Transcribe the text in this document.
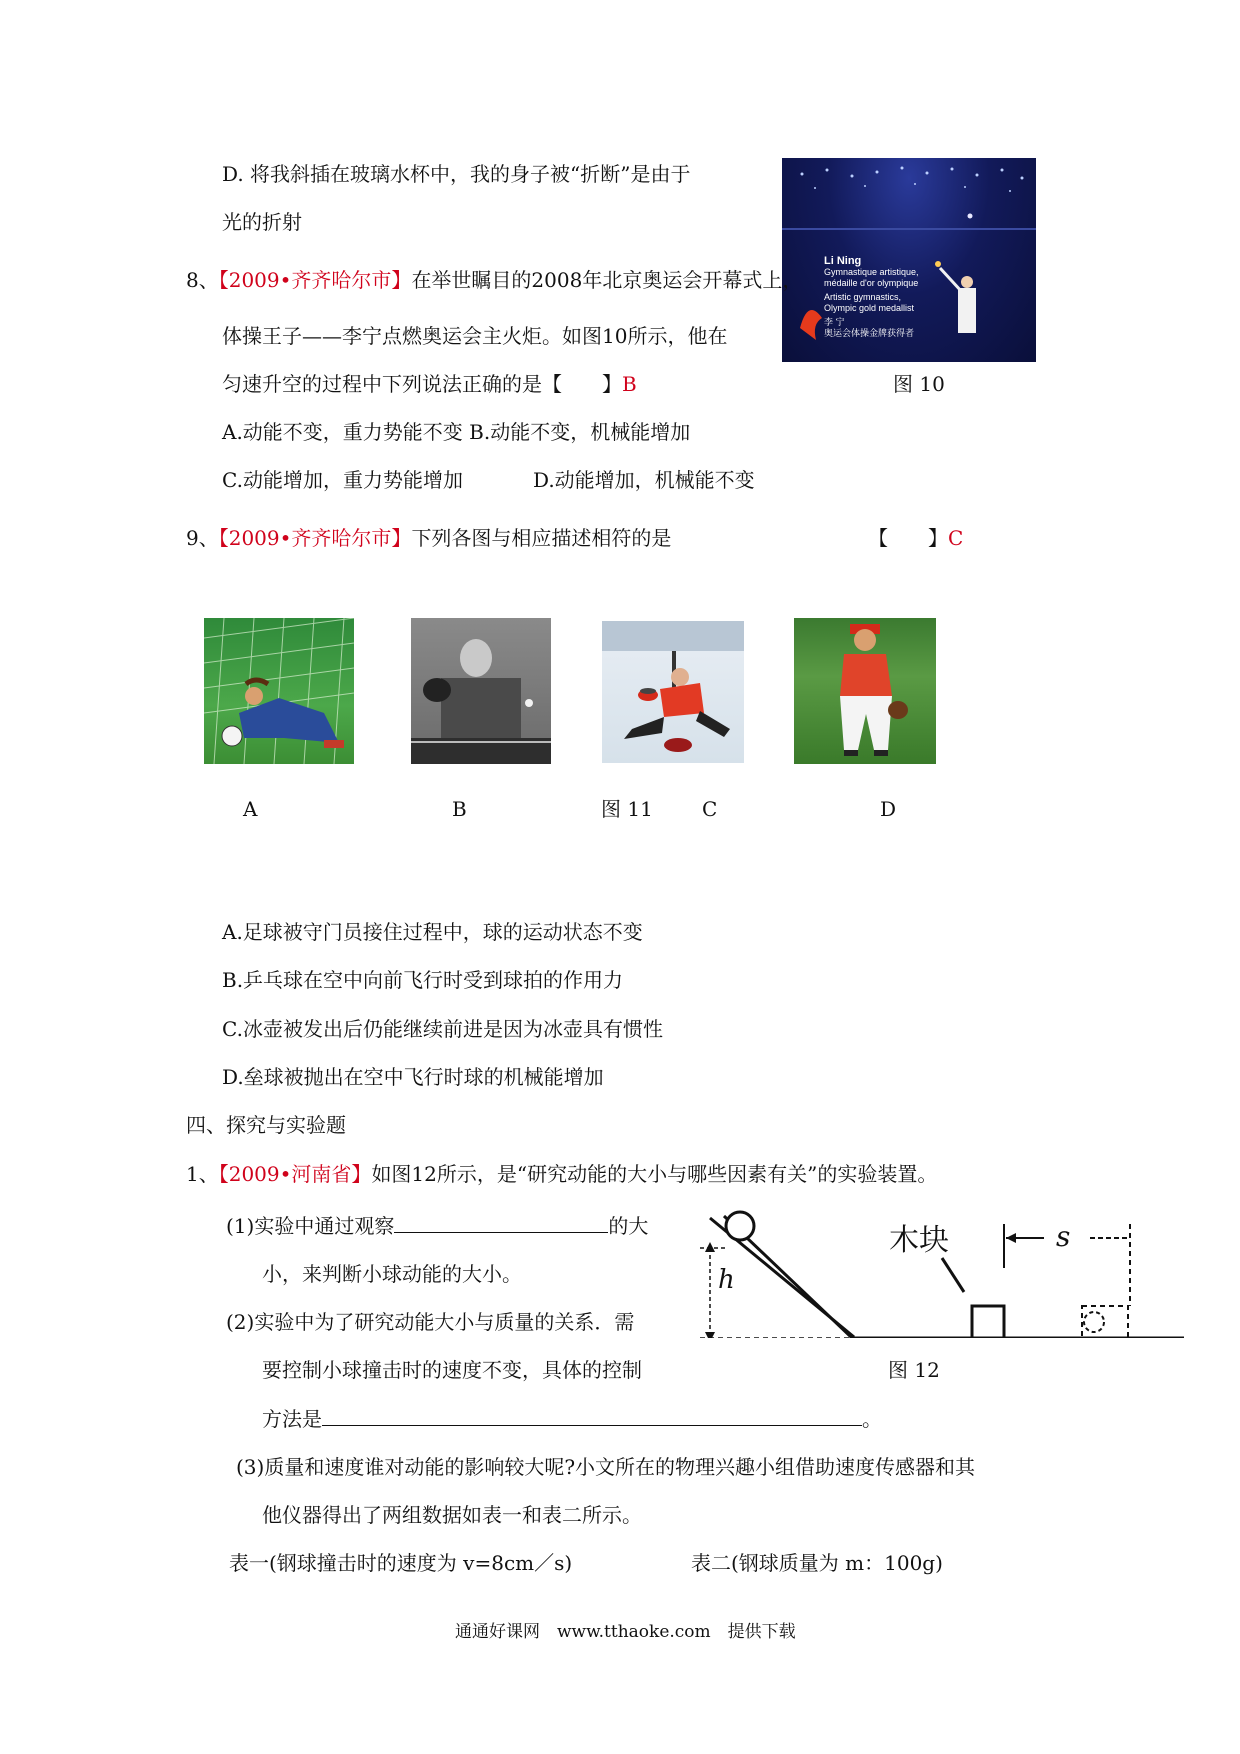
D. 将我斜插在玻璃水杯中，我的身子被“折断”是由于
光的折射
Li Ning
Gymnastique artistique,
médaille d'or olympique
Artistic gymnastics,
Olympic gold medallist
李 宁
奥运会体操金牌获得者
图 10
8、【2009•齐齐哈尔市】在举世瞩目的2008年北京奥运会开幕式上，
体操王子——李宁点燃奥运会主火炬。如图10所示，他在
匀速升空的过程中下列说法正确的是【　　】B
A.动能不变，重力势能不变 B.动能不变，机械能增加
C.动能增加，重力势能增加	D.动能增加，机械能不变
9、【2009•齐齐哈尔市】下列各图与相应描述相符的是	【　　】C
A	B	图 11 C	D
A.足球被守门员接住过程中，球的运动状态不变
B.乒乓球在空中向前飞行时受到球拍的作用力
C.冰壶被发出后仍能继续前进是因为冰壶具有惯性
D.垒球被抛出在空中飞行时球的机械能增加
四、探究与实验题
1、【2009•河南省】如图12所示，是“研究动能的大小与哪些因素有关”的实验装置。
(1)实验中通过观察	的大
小，来判断小球动能的大小。
(2)实验中为了研究动能大小与质量的关系．需
要控制小球撞击时的速度不变，具体的控制
方法是	。
(3)质量和速度谁对动能的影响较大呢?小文所在的物理兴趣小组借助速度传感器和其
他仪器得出了两组数据如表一和表二所示。
表一(钢球撞击时的速度为 v=8cm／s)	表二(钢球质量为 m：100g)
h
木块	s
图 12
通通好课网　www.tthaoke.com　提供下载
